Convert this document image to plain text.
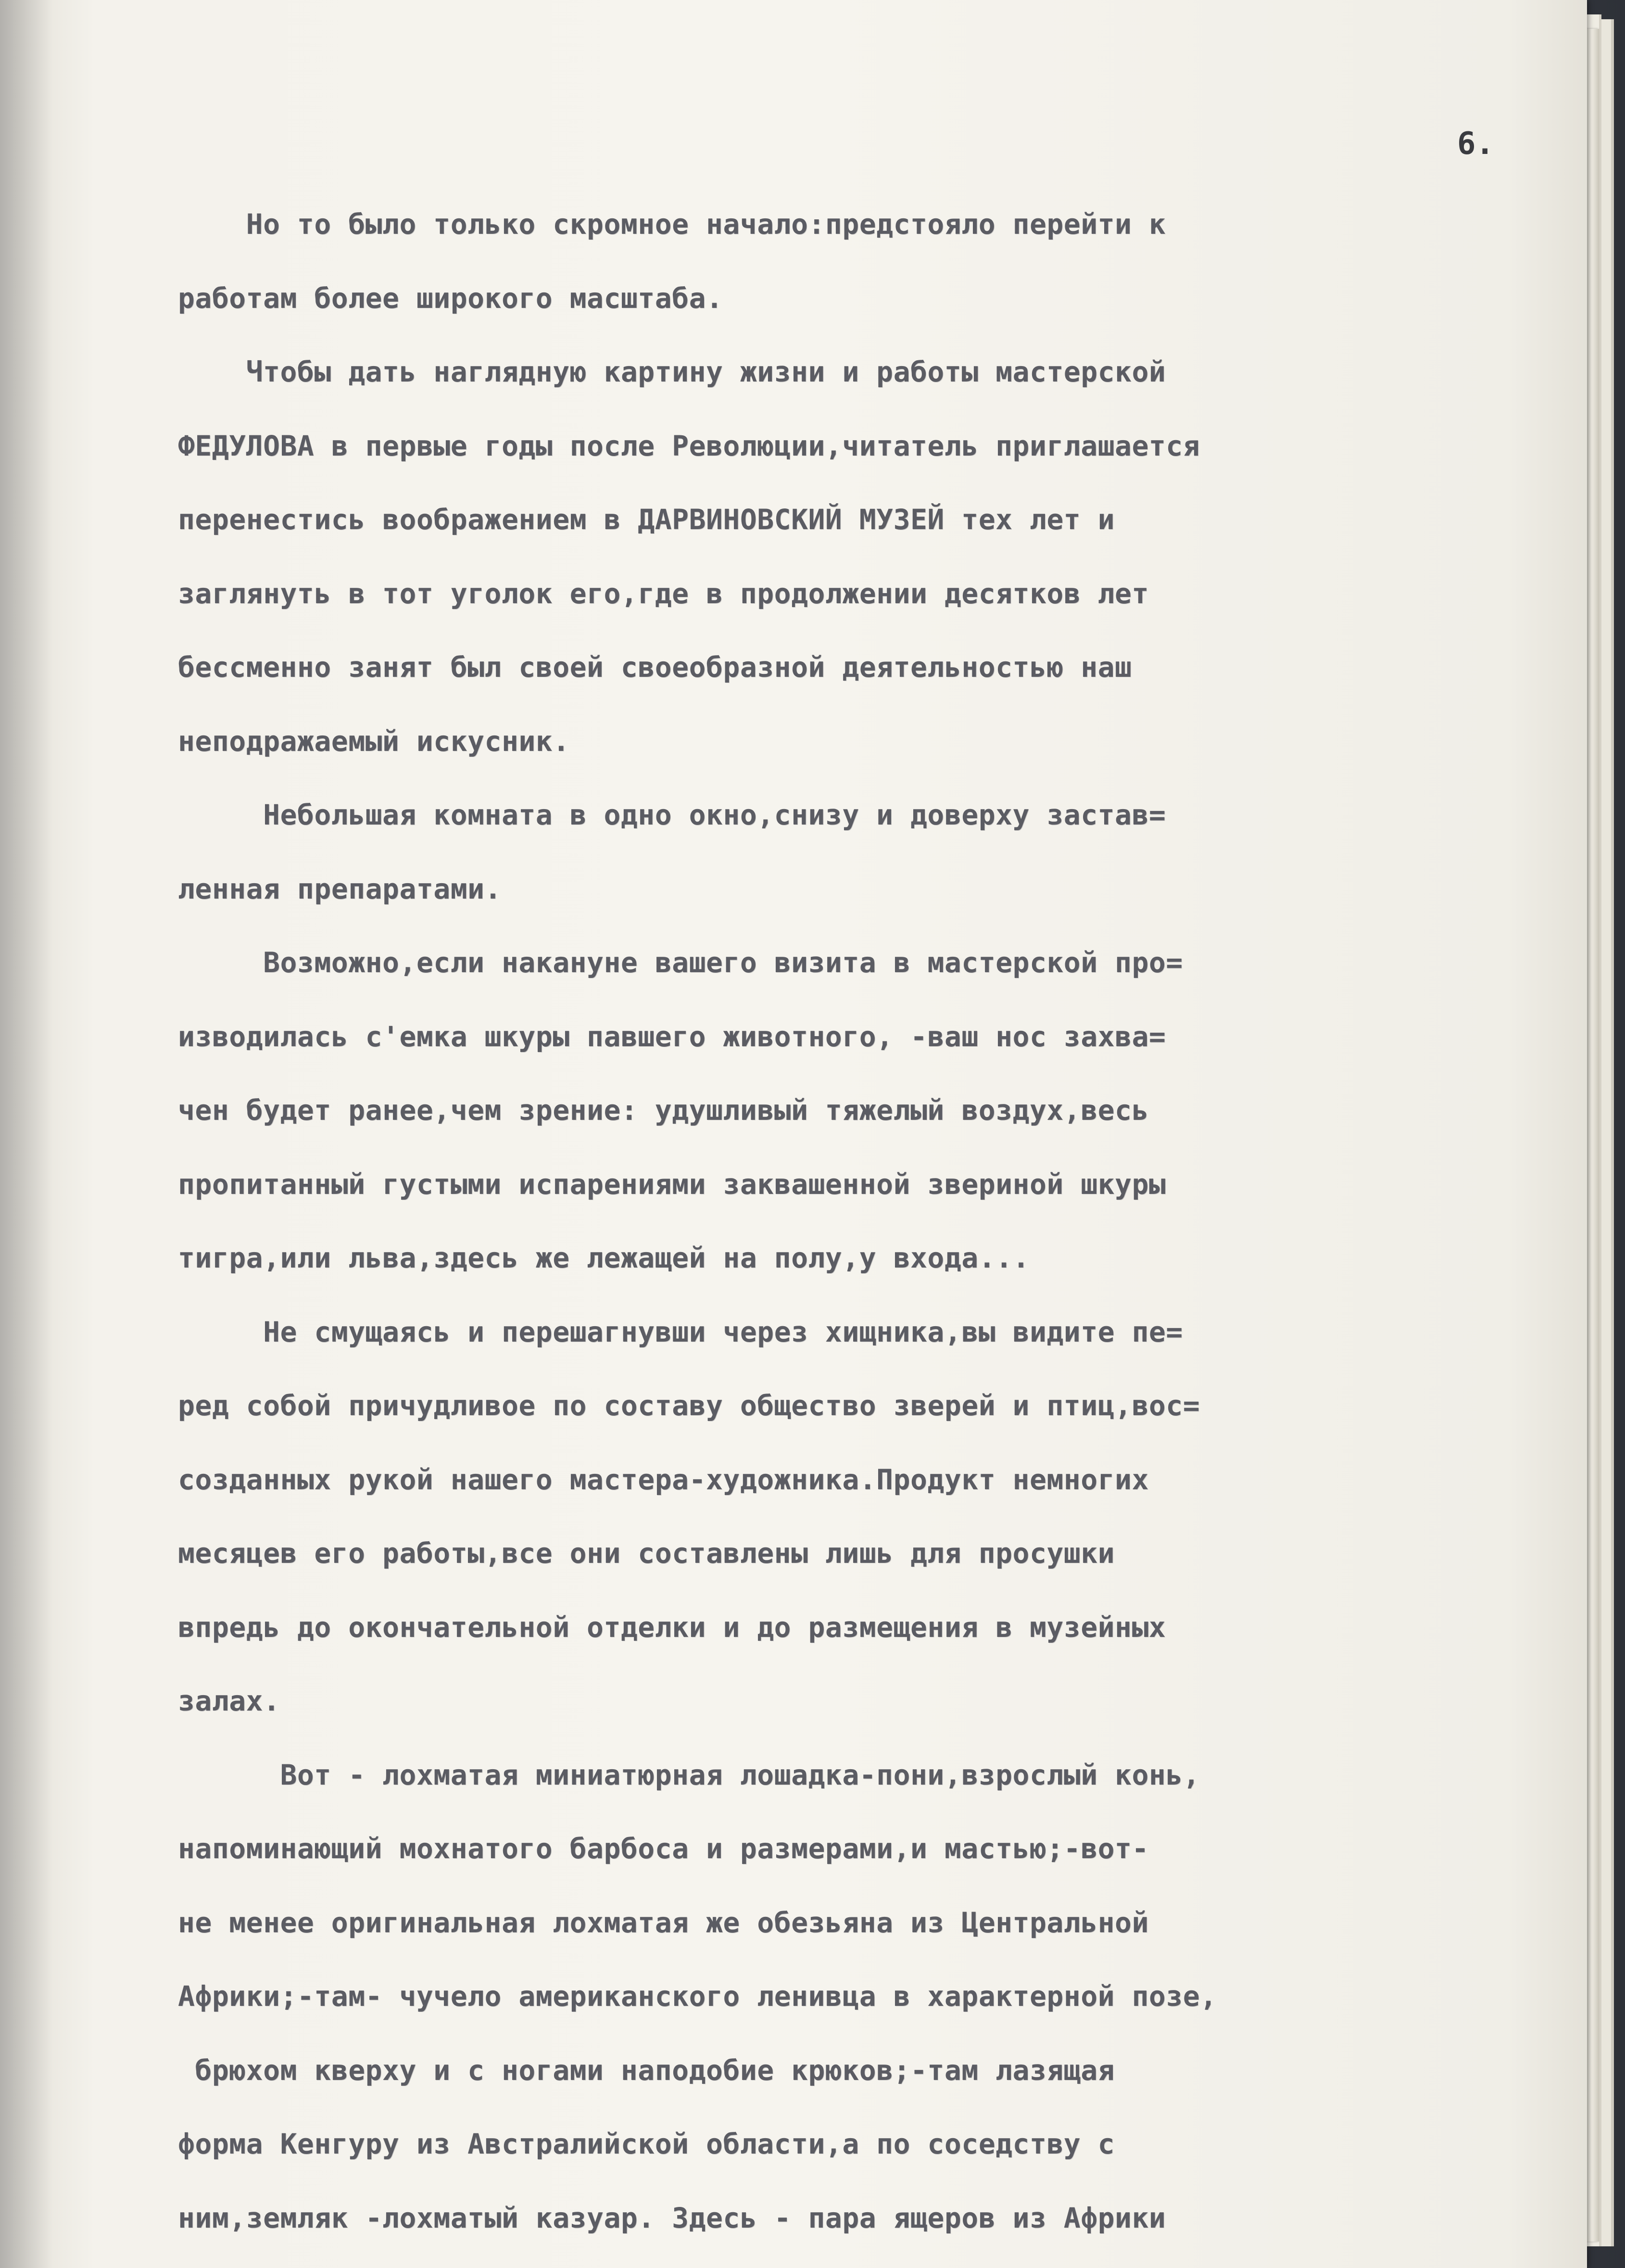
6.
Но то было только скромное начало:предстояло перейти к
работам более широкого масштаба.
Чтобы дать наглядную картину жизни и работы мастерской
ФЕДУЛОВА в первые годы после Революции,читатель приглашается
перенестись воображением в ДАРВИНОВСКИЙ МУЗЕЙ тех лет и
заглянуть в тот уголок его,где в продолжении десятков лет
бессменно занят был своей своеобразной деятельностью наш
неподражаемый искусник.
Небольшая комната в одно окно,снизу и доверху застав=
ленная препаратами.
Возможно,если накануне вашего визита в мастерской про=
изводилась с'емка шкуры павшего животного, -ваш нос захва=
чен будет ранее,чем зрение: удушливый тяжелый воздух,весь
пропитанный густыми испарениями заквашенной звериной шкуры
тигра,или льва,здесь же лежащей на полу,у входа...
Не смущаясь и перешагнувши через хищника,вы видите пе=
ред собой причудливое по составу общество зверей и птиц,вос=
созданных рукой нашего мастера-художника.Продукт немногих
месяцев его работы,все они составлены лишь для просушки
впредь до окончательной отделки и до размещения в музейных
залах.
Вот - лохматая миниатюрная лошадка-пони,взрослый конь,
напоминающий мохнатого барбоса и размерами,и мастью;-вот-
не менее оригинальная лохматая же обезьяна из Центральной
Африки;-там- чучело американского ленивца в характерной позе,
брюхом кверху и с ногами наподобие крюков;-там лазящая
форма Кенгуру из Австралийской области,а по соседству с
ним,земляк -лохматый казуар. Здесь - пара ящеров из Африки
